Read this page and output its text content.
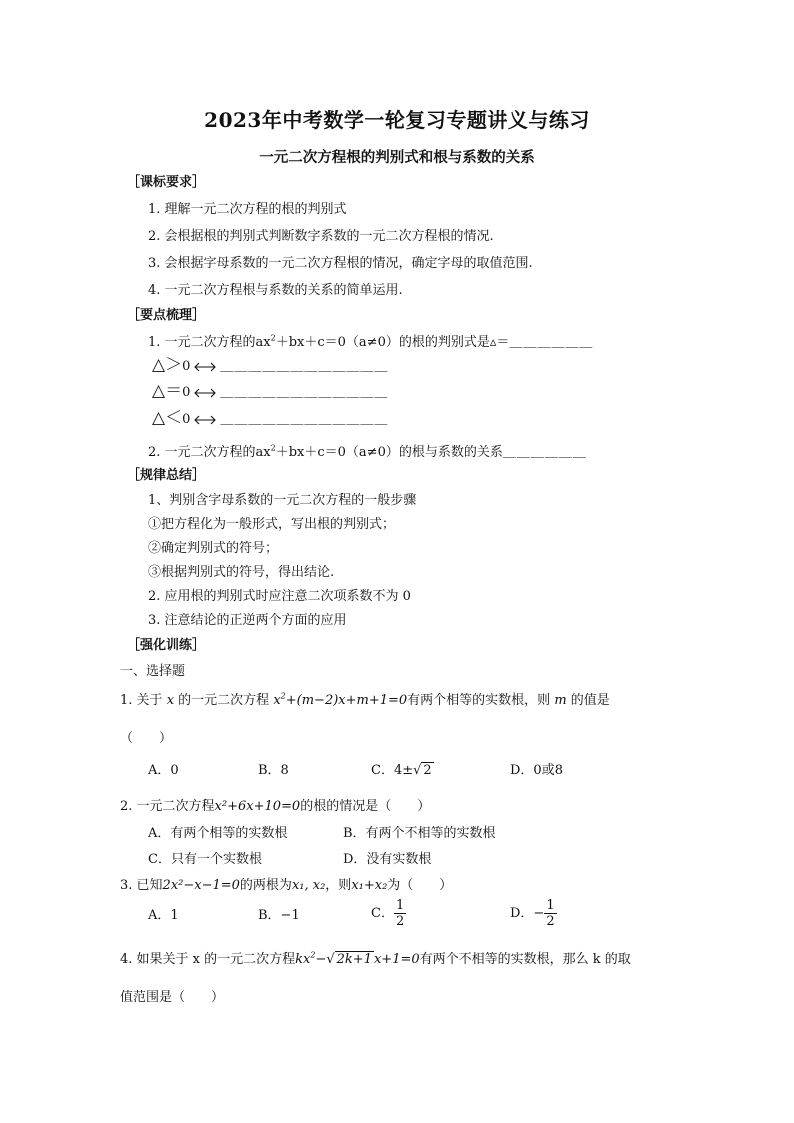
2023年中考数学一轮复习专题讲义与练习
一元二次方程根的判别式和根与系数的关系
［课标要求］
1. 理解一元二次方程的根的判别式
2. 会根据根的判别式判断数字系数的一元二次方程根的情况.
3. 会根据字母系数的一元二次方程根的情况，确定字母的取值范围.
4. 一元二次方程根与系数的关系的简单运用.
［要点梳理］
1. 一元二次方程的$ax^2+bx+c=0(a\ne 0)$的根的判别式是▵＝＿＿＿＿＿＿
△＞0 ＿＿＿＿＿＿＿＿＿＿＿＿
△＝0 ＿＿＿＿＿＿＿＿＿＿＿＿
△＜0 ＿＿＿＿＿＿＿＿＿＿＿＿
2. 一元二次方程的$ax^2+bx+c=0(a\ne 0)$的根与系数的关系＿＿＿＿＿＿
［规律总结］
1、判别含字母系数的一元二次方程的一般步骤
①把方程化为一般形式，写出根的判别式；
②确定判别式的符号；
③根据判别式的符号，得出结论.
2. 应用根的判别式时应注意二次项系数不为 0
3. 注意结论的正逆两个方面的应用
［强化训练］
一、选择题
1. 关于 x 的一元二次方程 $x^2+(m-2)x+m+1=0$有两个相等的实数根，则 m 的值是
（　　）
A．0	B．8	C．4±√ 2	D．0或8
2. 一元二次方程x²+6x+10=0的根的情况是（　　）
A．有两个相等的实数根	B．有两个不相等的实数根
C．只有一个实数根	D．没有实数根
3. 已知2x²−x−1=0的两根为x₁, x₂，则x₁+x₂为（　　）
A．1	B．−1	C． $\frac{1}{2}$	D．− $\frac{1}{2}$
4. 如果关于 x 的一元二次方程$kx^2-√$ 2k+1 x+1=0有两个不相等的实数根，那么 k 的取
值范围是（　　）
